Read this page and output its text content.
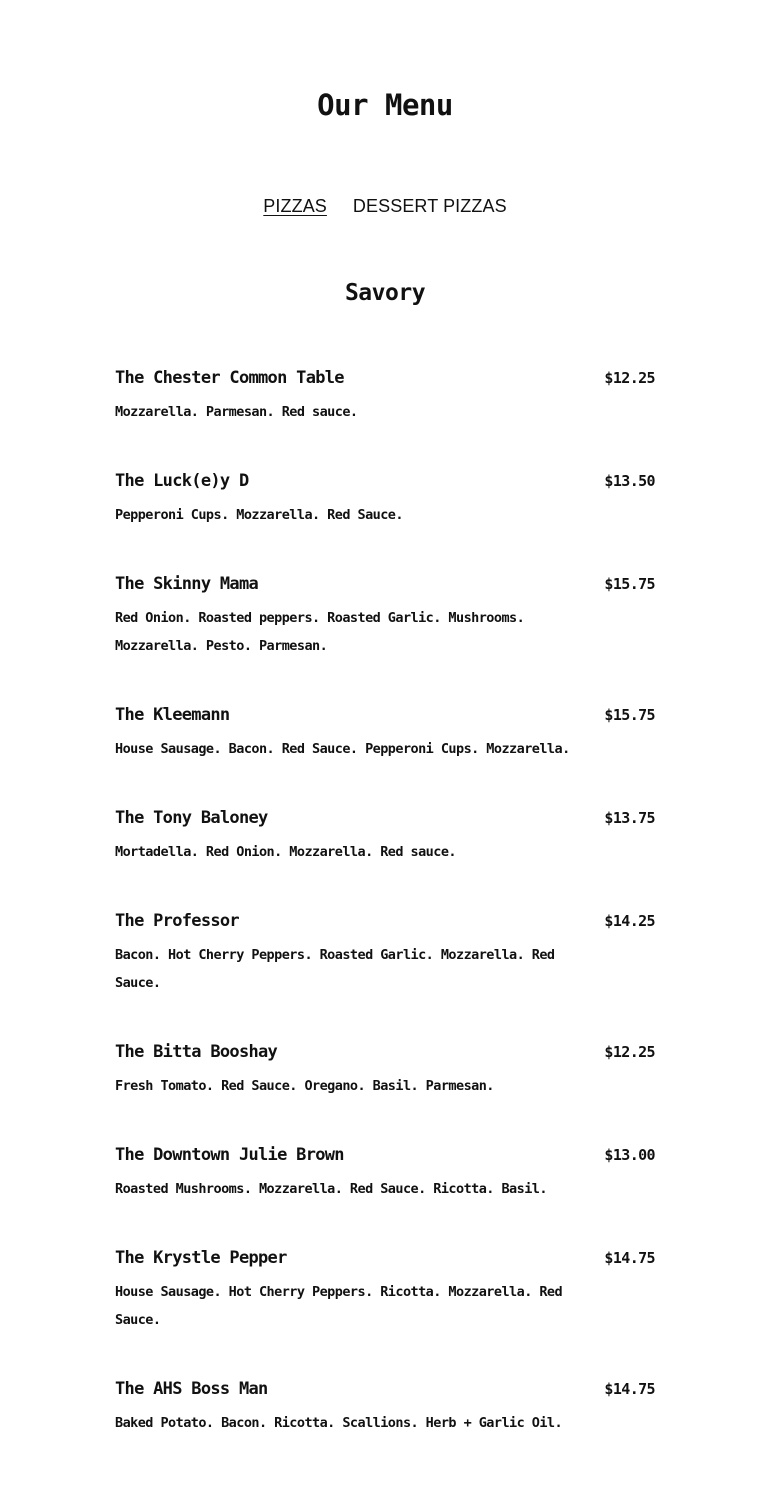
Our Menu
PIZZAS DESSERT PIZZAS
Savory
The Chester Common Table	$12.25
Mozzarella. Parmesan. Red sauce.
The Luck(e)y D	$13.50
Pepperoni Cups. Mozzarella. Red Sauce.
The Skinny Mama	$15.75
Red Onion. Roasted peppers. Roasted Garlic. Mushrooms. Mozzarella. Pesto. Parmesan.
The Kleemann	$15.75
House Sausage. Bacon. Red Sauce. Pepperoni Cups. Mozzarella.
The Tony Baloney	$13.75
Mortadella. Red Onion. Mozzarella. Red sauce.
The Professor	$14.25
Bacon. Hot Cherry Peppers. Roasted Garlic. Mozzarella. Red Sauce.
The Bitta Booshay	$12.25
Fresh Tomato. Red Sauce. Oregano. Basil. Parmesan.
The Downtown Julie Brown	$13.00
Roasted Mushrooms. Mozzarella. Red Sauce. Ricotta. Basil.
The Krystle Pepper	$14.75
House Sausage. Hot Cherry Peppers. Ricotta. Mozzarella. Red Sauce.
The AHS Boss Man	$14.75
Baked Potato. Bacon. Ricotta. Scallions. Herb + Garlic Oil.
